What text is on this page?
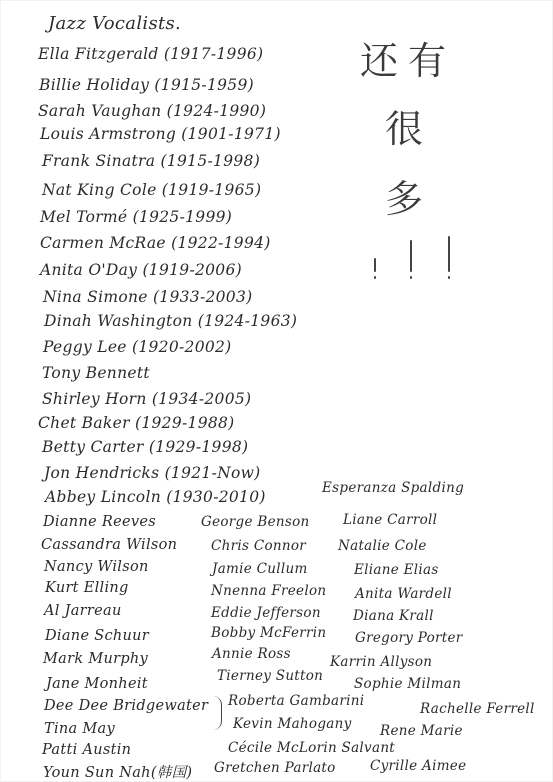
Jazz Vocalists.
Ella Fitzgerald (1917-1996)
Billie Holiday (1915-1959)
Sarah Vaughan (1924-1990)
Louis Armstrong (1901-1971)
Frank Sinatra (1915-1998)
Nat King Cole (1919-1965)
Mel Tormé (1925-1999)
Carmen McRae (1922-1994)
Anita O'Day (1919-2006)
Nina Simone (1933-2003)
Dinah Washington (1924-1963)
Peggy Lee (1920-2002)
Tony Bennett
Shirley Horn (1934-2005)
Chet Baker (1929-1988)
Betty Carter (1929-1998)
Jon Hendricks (1921-Now)
Abbey Lincoln (1930-2010)	Esperanza Spalding
Dianne Reeves
Cassandra Wilson
Nancy Wilson
Kurt Elling
Al Jarreau
Diane Schuur
Mark Murphy
Jane Monheit
Dee Dee Bridgewater
Tina May
Patti Austin
Youn Sun Nah(韩国)
George Benson
Chris Connor
Jamie Cullum
Nnenna Freelon
Eddie Jefferson
Bobby McFerrin
Annie Ross
Tierney Sutton
Roberta Gambarini
Kevin Mahogany
Cécile McLorin Salvant
Gretchen Parlato
Liane Carroll
Natalie Cole
Eliane Elias
Anita Wardell
Diana Krall
Gregory Porter
Karrin Allyson
Sophie Milman
Rachelle Ferrell
Rene Marie
Cyrille Aimee
还 有
很
多
